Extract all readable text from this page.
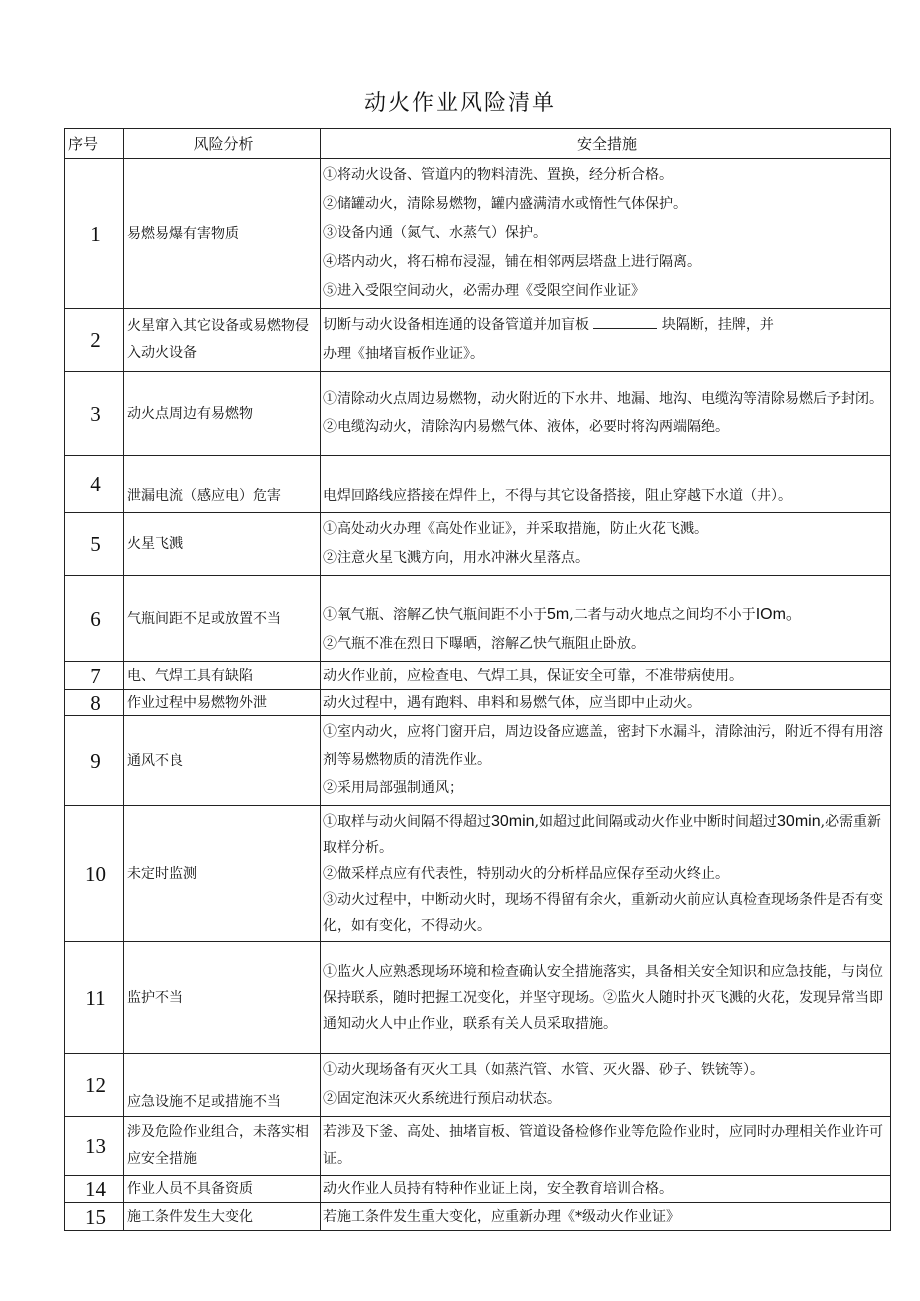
动火作业风险清单
序号	风险分析	安全措施
1	易燃易爆有害物质	①将动火设备、管道内的物料清洗、置换，经分析合格。
②储罐动火，清除易燃物，罐内盛满清水或惰性气体保护。
③设备内通（氮气、水蒸气）保护。
④塔内动火，将石棉布浸湿，铺在相邻两层塔盘上进行隔离。
⑤进入受限空间动火，必需办理《受限空间作业证》

2	火星窜入其它设备或易燃物侵入动火设备	切断与动火设备相连通的设备管道并加盲板 块隔断，挂牌，并
办理《抽堵盲板作业证》。

3	动火点周边有易燃物	①清除动火点周边易燃物，动火附近的下水井、地漏、地沟、电缆沟等清除易燃后予封闭。
②电缆沟动火，清除沟内易燃气体、液体，必要时将沟两端隔绝。

4	泄漏电流（感应电）危害	电焊回路线应搭接在焊件上，不得与其它设备搭接，阻止穿越下水道（井）。
5	火星飞溅	①高处动火办理《高处作业证》，并采取措施，防止火花飞溅。
②注意火星飞溅方向，用水冲淋火星落点。

6	气瓶间距不足或放置不当	①氧气瓶、溶解乙快气瓶间距不小于5m,二者与动火地点之间均不小于IOm。
②气瓶不准在烈日下曝晒，溶解乙快气瓶阻止卧放。

7	电、气焊工具有缺陷	动火作业前，应检查电、气焊工具，保证安全可靠，不准带病使用。
8	作业过程中易燃物外泄	动火过程中，遇有跑料、串料和易燃气体，应当即中止动火。
9	通风不良	①室内动火，应将门窗开启，周边设备应遮盖，密封下水漏斗，清除油污，附近不得有用溶剂等易燃物质的清洗作业。
②采用局部强制通风；

10	未定时监测	①取样与动火间隔不得超过30min,如超过此间隔或动火作业中断时间超过30min,必需重新取样分析。
②做采样点应有代表性，特别动火的分析样品应保存至动火终止。
③动火过程中，中断动火时，现场不得留有余火，重新动火前应认真检查现场条件是否有变化，如有变化，不得动火。

11	监护不当	①监火人应熟悉现场环境和检查确认安全措施落实，具备相关安全知识和应急技能，与岗位保持联系，随时把握工况变化，并坚守现场。②监火人随时扑灭飞溅的火花，发现异常当即通知动火人中止作业，联系有关人员采取措施。
12	应急设施不足或措施不当	①动火现场备有灭火工具（如蒸汽管、水管、灭火器、砂子、铁铳等）。
②固定泡沫灭火系统进行预启动状态。

13	涉及危险作业组合，未落实相应安全措施	若涉及下釜、高处、抽堵盲板、管道设备检修作业等危险作业时，应同时办理相关作业许可证。
14	作业人员不具备资质	动火作业人员持有特种作业证上岗，安全教育培训合格。
15	施工条件发生大变化	若施工条件发生重大变化，应重新办理《*级动火作业证》
